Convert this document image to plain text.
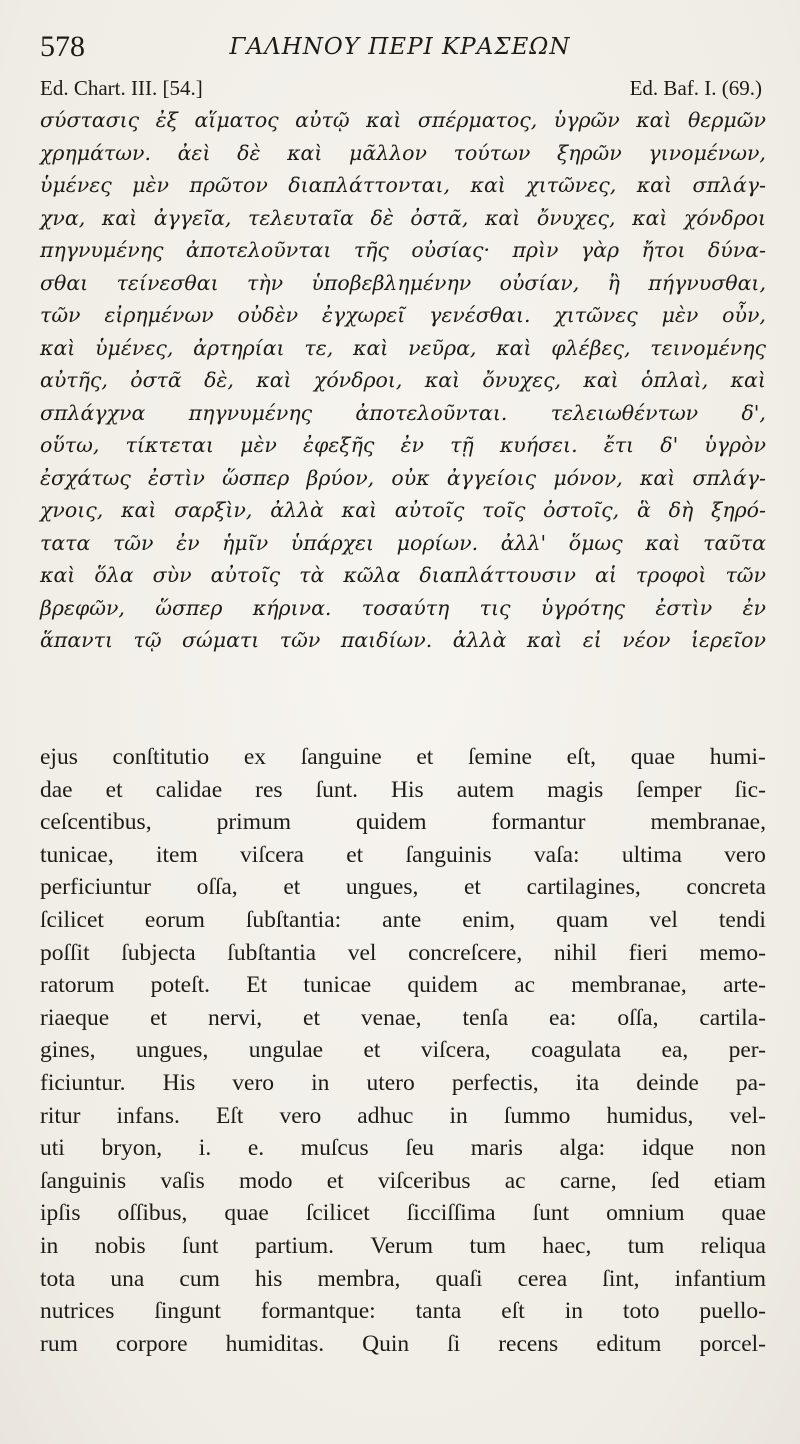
578	ΓΑΛΗΝΟΥ ΠΕΡΙ ΚΡΑΣΕΩΝ
Ed. Chart. III. [54.]	Ed. Baf. I. (69.)
σύστασις ἐξ αἵματος αὐτῷ καὶ σπέρματος, ὑγρῶν καὶ θερμῶν
χρημάτων. ἀεὶ δὲ καὶ μᾶλλον τούτων ξηρῶν γινομένων,
ὑμένες μὲν πρῶτον διαπλάττονται, καὶ χιτῶνες, καὶ σπλάγ-
χνα, καὶ ἀγγεῖα, τελευταῖα δὲ ὀστᾶ, καὶ ὄνυχες, καὶ χόνδροι
πηγνυμένης ἀποτελοῦνται τῆς οὐσίας· πρὶν γὰρ ἤτοι δύνα-
σθαι τείνεσθαι τὴν ὑποβεβλημένην οὐσίαν, ἢ πήγνυσθαι,
τῶν εἰρημένων οὐδὲν ἐγχωρεῖ γενέσθαι. χιτῶνες μὲν οὖν,
καὶ ὑμένες, ἀρτηρίαι τε, καὶ νεῦρα, καὶ φλέβες, τεινομένης
αὐτῆς, ὀστᾶ δὲ, καὶ χόνδροι, καὶ ὄνυχες, καὶ ὁπλαὶ, καὶ
σπλάγχνα πηγνυμένης ἀποτελοῦνται. τελειωθέντων δ',
οὕτω, τίκτεται μὲν ἐφεξῆς ἐν τῇ κυήσει. ἔτι δ' ὑγρὸν
ἐσχάτως ἐστὶν ὥσπερ βρύον, οὐκ ἀγγείοις μόνον, καὶ σπλάγ-
χνοις, καὶ σαρξὶν, ἀλλὰ καὶ αὐτοῖς τοῖς ὀστοῖς, ἃ δὴ ξηρό-
τατα τῶν ἐν ἡμῖν ὑπάρχει μορίων. ἀλλ' ὅμως καὶ ταῦτα
καὶ ὅλα σὺν αὐτοῖς τὰ κῶλα διαπλάττουσιν αἱ τροφοὶ τῶν
βρεφῶν, ὥσπερ κήρινα. τοσαύτη τις ὑγρότης ἐστὶν ἐν
ἅπαντι τῷ σώματι τῶν παιδίων. ἀλλὰ καὶ εἰ νέον ἱερεῖον
ejus conſtitutio ex ſanguine et ſemine eſt, quae humi-
dae et calidae res ſunt. His autem magis ſemper ſic-
ceſcentibus,	primum	quidem	formantur	membranae,
tunicae, item viſcera et ſanguinis vaſa: ultima vero
perficiuntur oſſa, et ungues, et cartilagines, concreta
ſcilicet eorum ſubſtantia: ante enim, quam vel tendi
poſſit ſubjecta ſubſtantia vel concreſcere, nihil fieri memo-
ratorum poteſt. Et tunicae quidem ac membranae, arte-
riaeque et nervi, et venae, tenſa ea: oſſa, cartila-
gines, ungues, ungulae et viſcera, coagulata ea, per-
ficiuntur. His vero in utero perfectis, ita deinde pa-
ritur infans. Eſt vero adhuc in ſummo humidus, vel-
uti bryon, i. e. muſcus ſeu maris alga: idque non
ſanguinis vaſis modo et viſceribus ac carne, ſed etiam
ipſis oſſibus, quae ſcilicet ſicciſſima ſunt omnium quae
in nobis ſunt partium. Verum tum haec, tum reliqua
tota una cum his membra, quaſi cereа ſint, infantium
nutrices ſingunt formantque: tanta eſt in toto puello-
rum corpore humiditas. Quin ſi recens editum porcel-
